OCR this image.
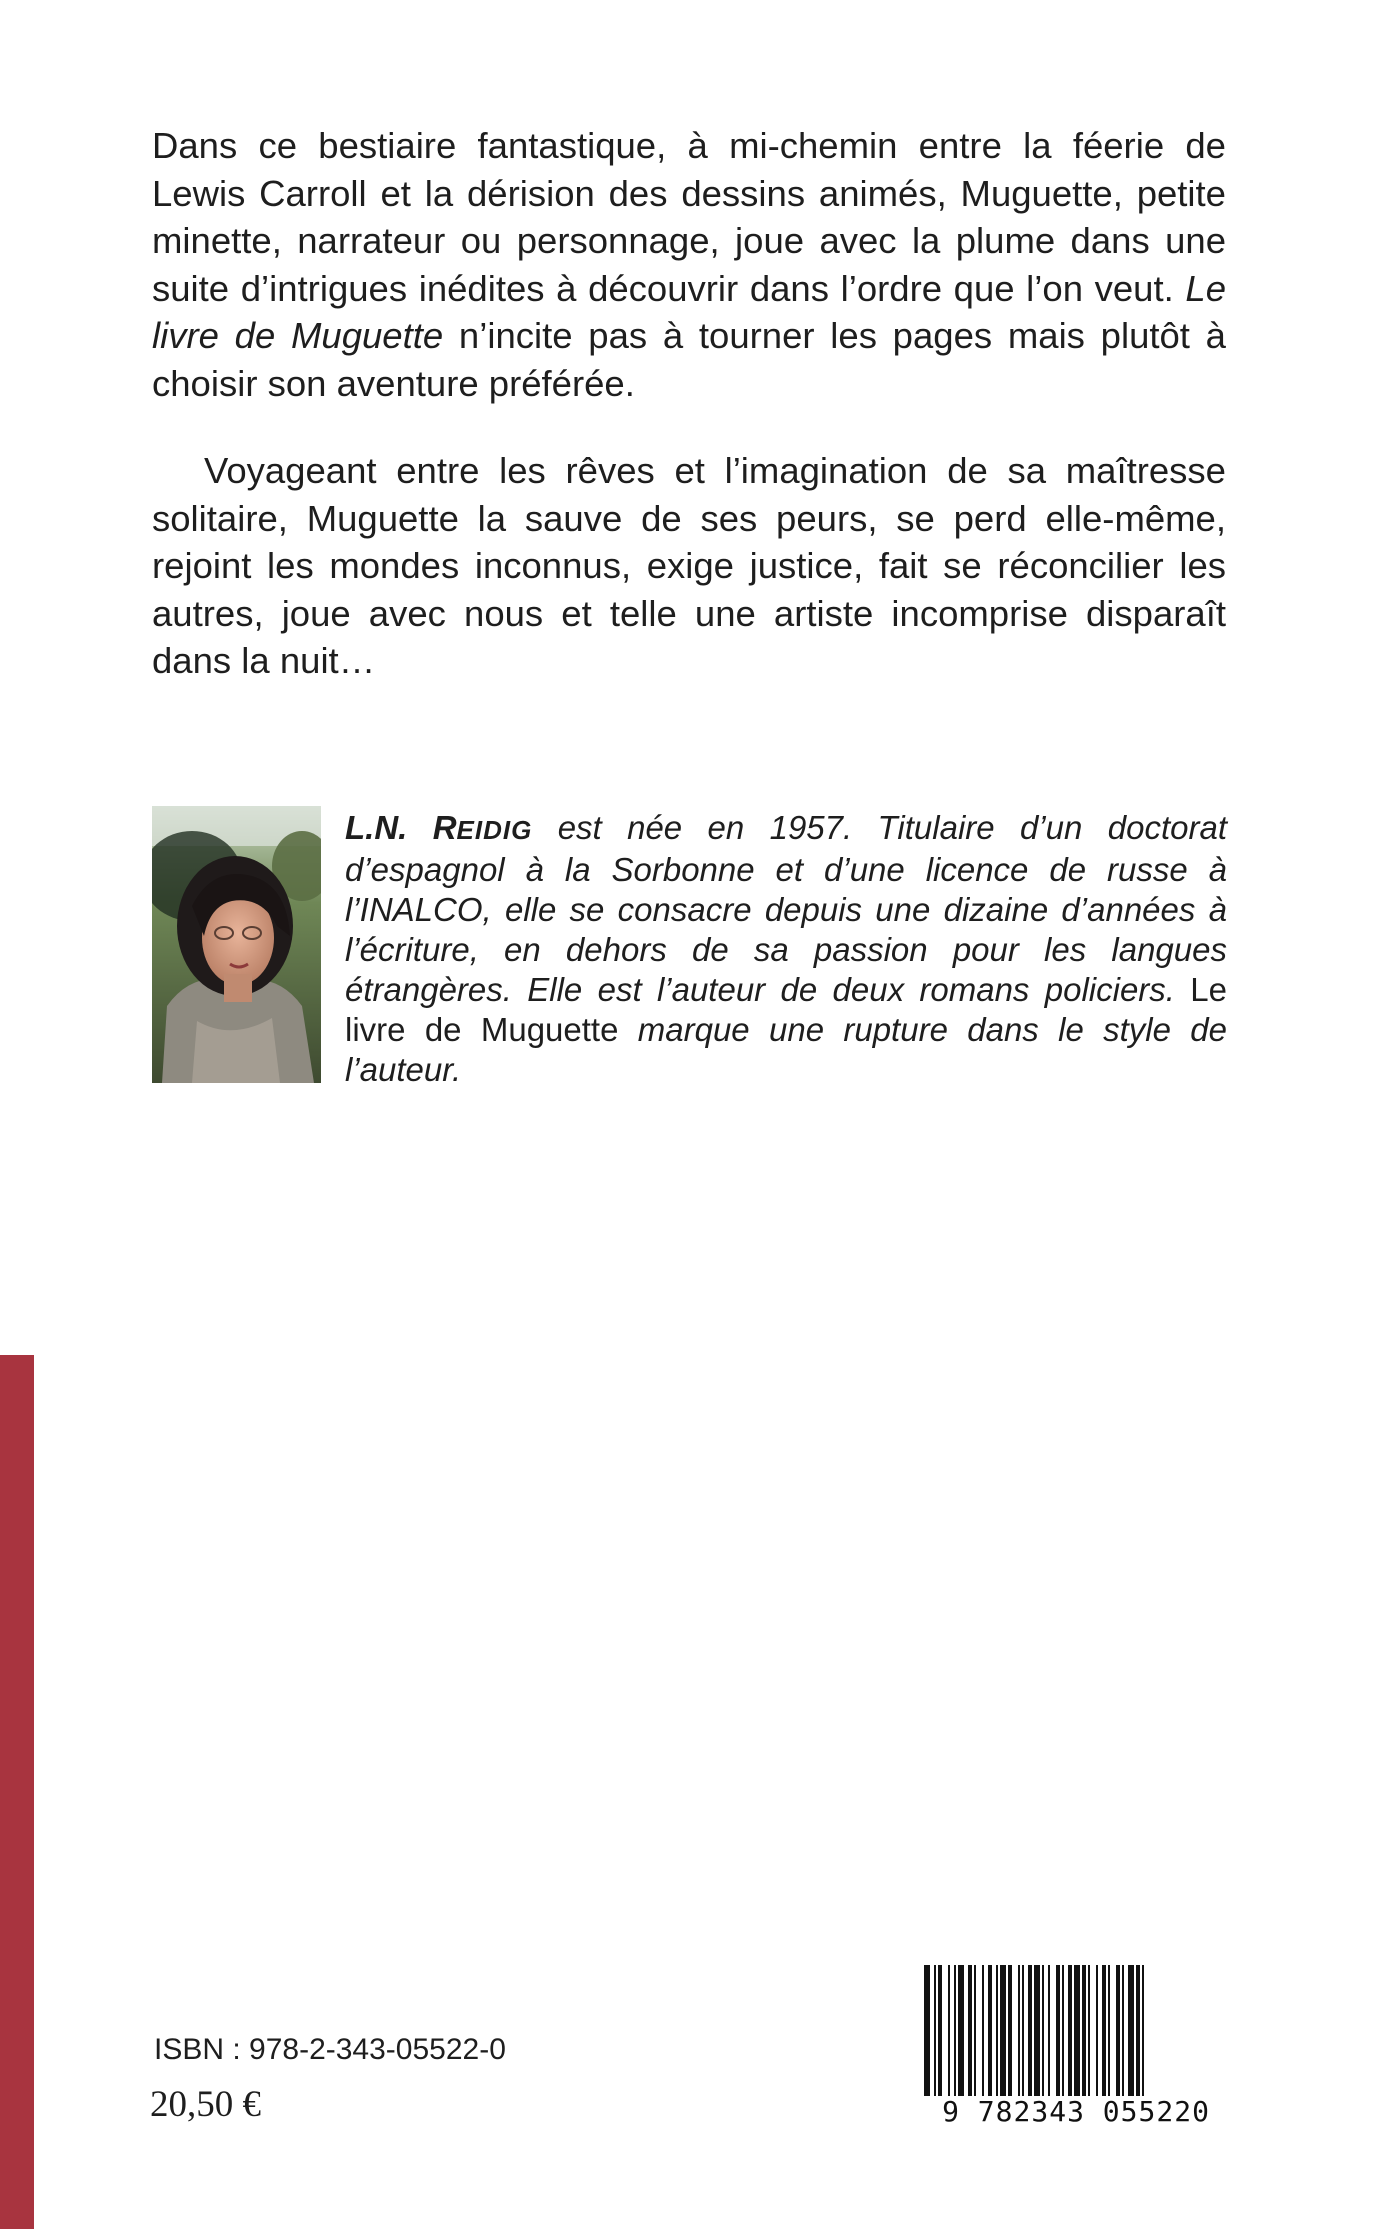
Dans ce bestiaire fantastique, à mi-chemin entre la féerie de Lewis Carroll et la dérision des dessins animés, Muguette, petite minette, narrateur ou personnage, joue avec la plume dans une suite d’intrigues inédites à découvrir dans l’ordre que l’on veut. Le livre de Muguette n’incite pas à tourner les pages mais plutôt à choisir son aventure préférée.

Voyageant entre les rêves et l’imagination de sa maîtresse solitaire, Muguette la sauve de ses peurs, se perd elle-même, rejoint les mondes inconnus, exige justice, fait se réconcilier les autres, joue avec nous et telle une artiste incomprise disparaît dans la nuit…

L.N. REIDIG est née en 1957. Titulaire d’un doctorat d’espagnol à la Sorbonne et d’une licence de russe à l’INALCO, elle se consacre depuis une dizaine d’années à l’écriture, en dehors de sa passion pour les langues étrangères. Elle est l’auteur de deux romans policiers. Le livre de Muguette marque une rupture dans le style de l’auteur.

ISBN : 978-2-343-05522-0
20,50 €	9 782343 055220
